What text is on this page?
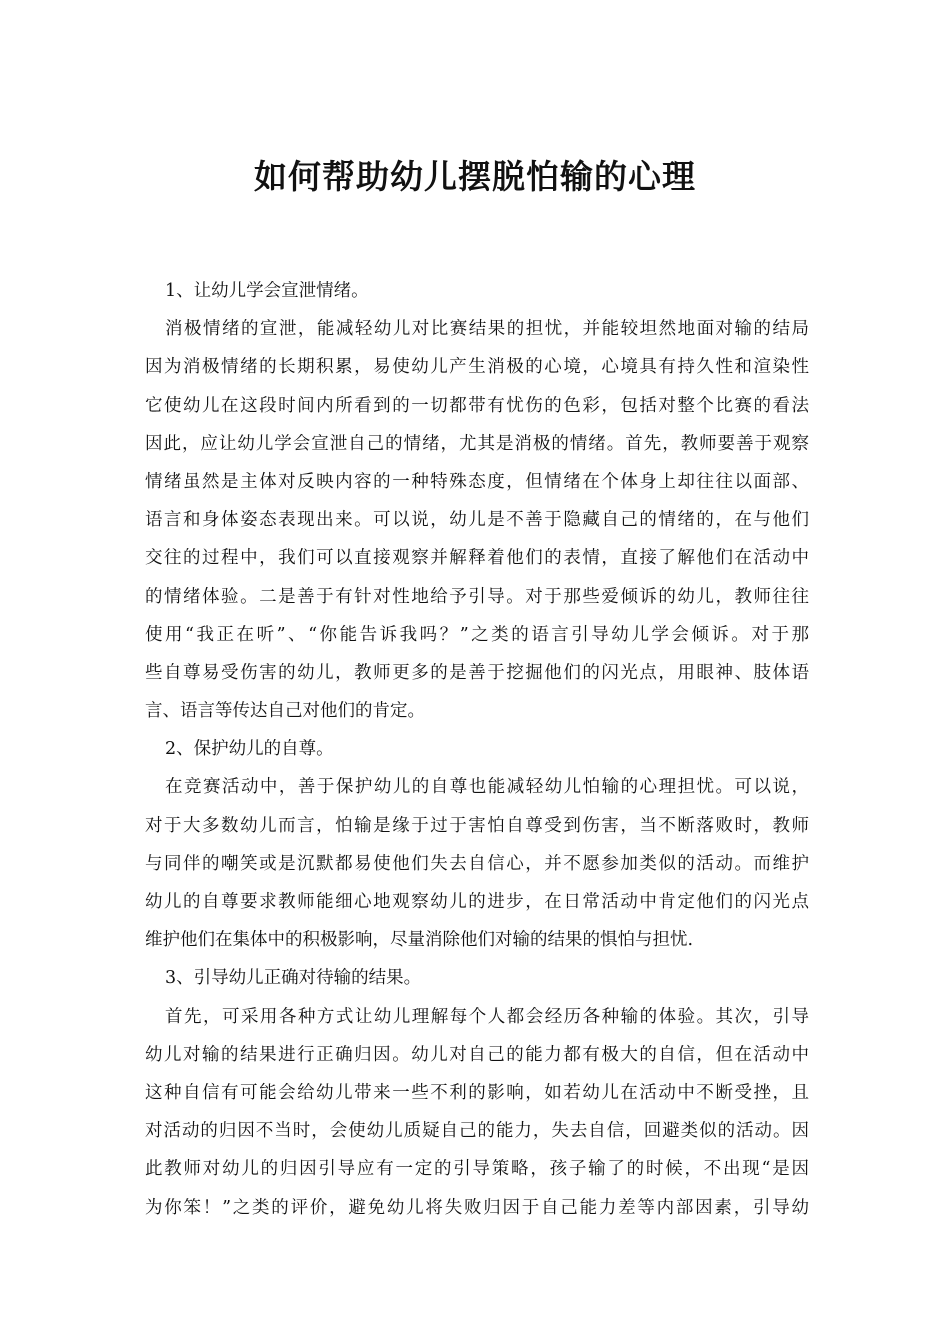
如何帮助幼儿摆脱怕输的心理
1、让幼儿学会宣泄情绪。
消极情绪的宣泄，能减轻幼儿对比赛结果的担忧，并能较坦然地面对输的结局
因为消极情绪的长期积累，易使幼儿产生消极的心境，心境具有持久性和渲染性
它使幼儿在这段时间内所看到的一切都带有忧伤的色彩，包括对整个比赛的看法
因此，应让幼儿学会宣泄自己的情绪，尤其是消极的情绪。首先，教师要善于观察
情绪虽然是主体对反映内容的一种特殊态度，但情绪在个体身上却往往以面部、
语言和身体姿态表现出来。可以说，幼儿是不善于隐藏自己的情绪的，在与他们
交往的过程中，我们可以直接观察并解释着他们的表情，直接了解他们在活动中
的情绪体验。二是善于有针对性地给予引导。对于那些爱倾诉的幼儿，教师往往
使用“我正在听”、“你能告诉我吗？”之类的语言引导幼儿学会倾诉。对于那
些自尊易受伤害的幼儿，教师更多的是善于挖掘他们的闪光点，用眼神、肢体语
言、语言等传达自己对他们的肯定。
2、保护幼儿的自尊。
在竞赛活动中，善于保护幼儿的自尊也能减轻幼儿怕输的心理担忧。可以说，
对于大多数幼儿而言，怕输是缘于过于害怕自尊受到伤害，当不断落败时，教师
与同伴的嘲笑或是沉默都易使他们失去自信心，并不愿参加类似的活动。而维护
幼儿的自尊要求教师能细心地观察幼儿的进步，在日常活动中肯定他们的闪光点
维护他们在集体中的积极影响，尽量消除他们对输的结果的惧怕与担忧.
3、引导幼儿正确对待输的结果。
首先，可采用各种方式让幼儿理解每个人都会经历各种输的体验。其次，引导
幼儿对输的结果进行正确归因。幼儿对自己的能力都有极大的自信，但在活动中
这种自信有可能会给幼儿带来一些不利的影响，如若幼儿在活动中不断受挫，且
对活动的归因不当时，会使幼儿质疑自己的能力，失去自信，回避类似的活动。因
此教师对幼儿的归因引导应有一定的引导策略，孩子输了的时候，不出现“是因
为你笨！”之类的评价，避免幼儿将失败归因于自己能力差等内部因素，引导幼
